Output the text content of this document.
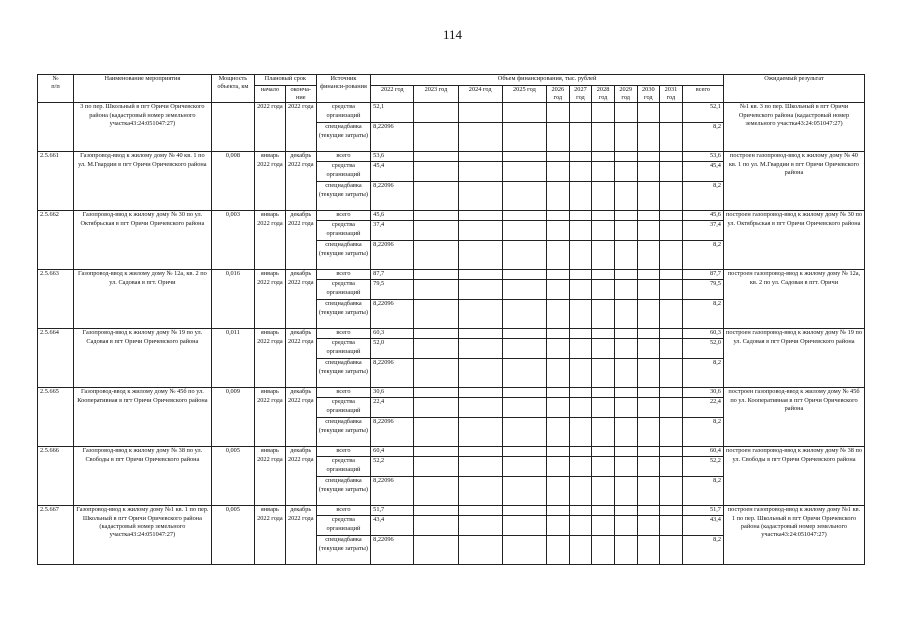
114
№
п/п	Наименование мероприятия	Мощность объекта, км	Плановый срок		Источник финанси-рования	Объем финансирования, тыс. рублей											Ожидаемый результат
			начало	оконча-ние		2022 год	2023 год	2024 год	2025 год	2026 год	2027 год	2028 год	2029 год	2030 год	2031 год	всего	
	3 по пер. Школьный в пгт Оричи Оричевского района (кадастровый номер земельного участка43:24:051047:27)		2022 года	2022 года	средства организаций	52,1										52,1	№1 кв. 3 по пер. Школьный в пгт Оричи Оричевского района (кадастровый номер земельного участка43:24:051047:27)
					спецнадбавка (текущие затраты)	8,22096										8,2	
2.5.661	Газопровод-ввод к жилому дому № 40 кв. 1 по ул. М.Гвардии в пгт Оричи Оричевского района	0,008	январь 2022 года	декабрь 2022 года	всего	53,6										53,6	построен газопровод-ввод к жилому дому № 40 кв. 1 по ул. М.Гвардии в пгт Оричи Оричевского района
					средства организаций	45,4										45,4	
					спецнадбавка (текущие затраты)	8,22096										8,2	
2.5.662	Газопровод-ввод к жилому дому № 30 по ул. Октябрьская в пгт Оричи Оричевского района	0,003	январь 2022 года	декабрь 2022 года	всего	45,6										45,6	построен газопровод-ввод к жилому дому № 30 по ул. Октябрьская в пгт Оричи Оричевского района
					средства организаций	37,4										37,4	
					спецнадбавка (текущие затраты)	8,22096										8,2	
2.5.663	Газопровод-ввод к жилому дому № 12а, кв. 2 по ул. Садовая в пгт. Оричи	0,016	январь 2022 года	декабрь 2022 года	всего	87,7										87,7	построен газопровод-ввод к жилому дому № 12а, кв. 2 по ул. Садовая в пгт. Оричи
					средства организаций	79,5										79,5	
					спецнадбавка (текущие затраты)	8,22096										8,2	
2.5.664	Газопровод-ввод к жилому дому № 19 по ул. Садовая в пгт Оричи Оричевского района	0,011	январь 2022 года	декабрь 2022 года	всего	60,3										60,3	построен газопровод-ввод к жилому дому № 19 по ул. Садовая в пгт Оричи Оричевского района
					средства организаций	52,0										52,0	
					спецнадбавка (текущие затраты)	8,22096										8,2	
2.5.665	Газопровод-ввод к жилому дому № 45б по ул. Кооперативная в пгт Оричи Оричевского района	0,009	январь 2022 года	декабрь 2022 года	всего	30,6										30,6	построен газопровод-ввод к жилому дому № 45б по ул. Кооперативная в пгт Оричи Оричевского района
					средства организаций	22,4										22,4	
					спецнадбавка (текущие затраты)	8,22096										8,2	
2.5.666	Газопровод-ввод к жилому дому № 38 по ул. Свободы в пгт Оричи Оричевского района	0,005	январь 2022 года	декабрь 2022 года	всего	60,4										60,4	построен газопровод-ввод к жилому дому № 38 по ул. Свободы в пгт Оричи Оричевского района
					средства организаций	52,2										52,2	
					спецнадбавка (текущие затраты)	8,22096										8,2	
2.5.667	Газопровод-ввод к жилому дому №1 кв. 1 по пер. Школьный в пгт Оричи Оричевского района (кадастровый номер земельного участка43:24:051047:27)	0,005	январь 2022 года	декабрь 2022 года	всего	51,7										51,7	построен газопровод-ввод к жилому дому №1 кв. 1 по пер. Школьный в пгт Оричи Оричевского района (кадастровый номер земельного участка43:24:051047:27)
					средства организаций	43,4										43,4	
					спецнадбавка (текущие затраты)	8,22096										8,2	
